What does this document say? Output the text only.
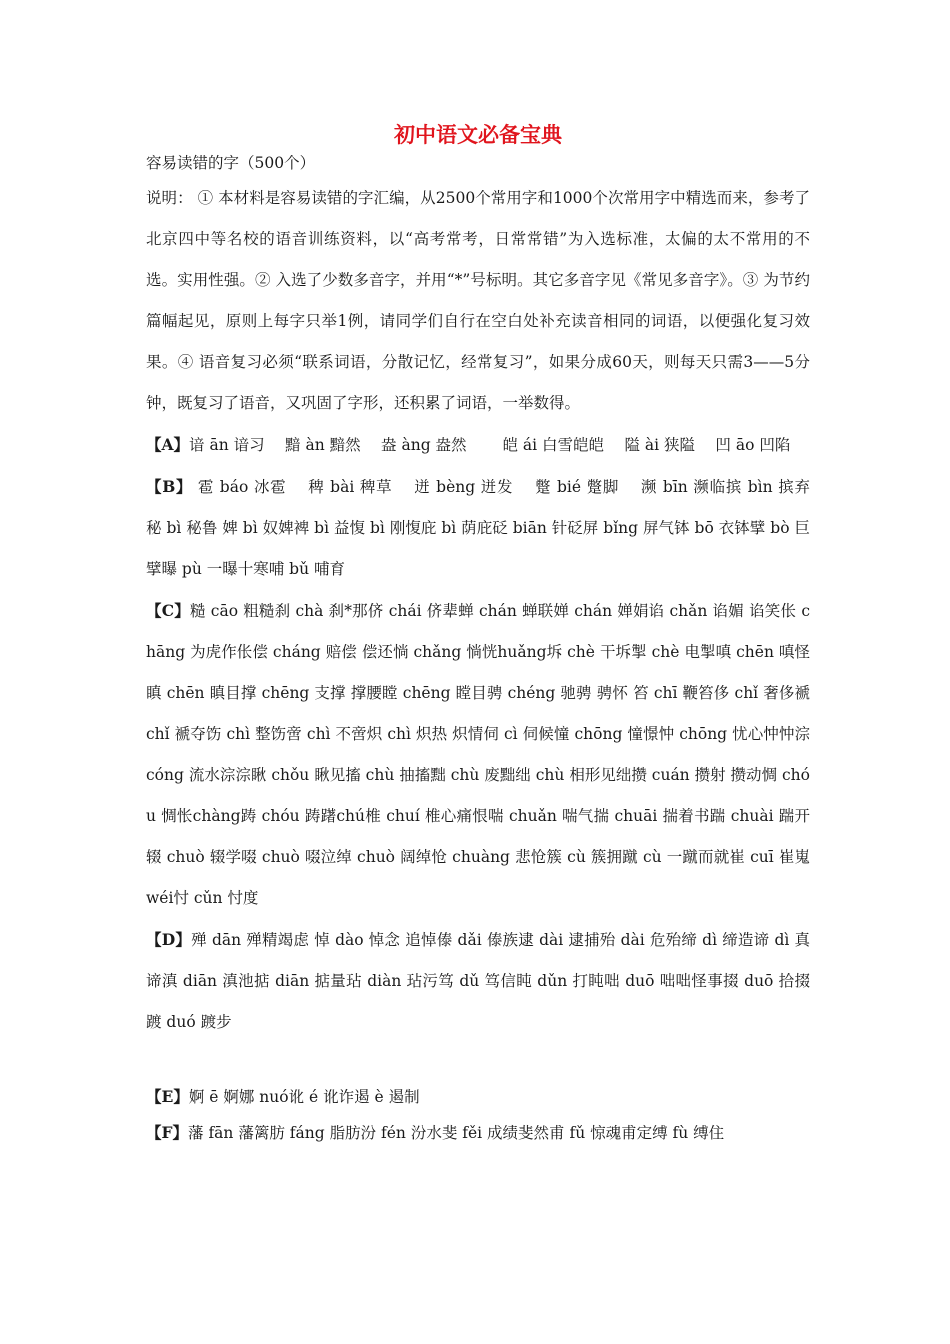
初中语文必备宝典

容易读错的字（500个）

说明： ① 本材料是容易读错的字汇编，从2500个常用字和1000个次常用字中精选而来，参考了北京四中等名校的语音训练资料，以“高考常考，日常常错”为入选标准，太偏的太不常用的不选。实用性强。② 入选了少数多音字，并用“*”号标明。其它多音字见《常见多音字》。③ 为节约篇幅起见，原则上每字只举1例，请同学们自行在空白处补充读音相同的词语，以便强化复习效果。④ 语音复习必须“联系词语，分散记忆，经常复习”，如果分成60天，则每天只需3——5分钟，既复习了语音，又巩固了字形，还积累了词语，一举数得。

【A】谙 ān 谙习　 黯 àn 黯然　 盎 àng 盎然　　 皑 ái 白雪皑皑　 隘 ài 狭隘　 凹 āo 凹陷

【B】 雹 báo 冰雹　 稗 bài 稗草　 迸 bèng 迸发　 蹩 bié 蹩脚　 濒 bīn 濒临摈 bìn 摈弃　 秘 bì 秘鲁 婢 bì 奴婢裨 bì 益愎 bì 刚愎庇 bì 荫庇砭 biān 针砭屏 bǐng 屏气钵 bō 衣钵擘 bò 巨擘曝 pù 一曝十寒哺 bǔ 哺育

【C】糙 cāo 粗糙刹 chà 刹*那侪 chái 侪辈蝉 chán 蝉联婵 chán 婵娟谄 chǎn 谄媚 谄笑伥 chāng 为虎作伥偿 cháng 赔偿 偿还惝 chǎng 惝恍huǎng坼 chè 干坼掣 chè 电掣嗔 chēn 嗔怪瞋 chēn 瞋目撑 chēng 支撑 撑腰瞠 chēng 瞠目骋 chéng 驰骋 骋怀 笞 chī 鞭笞侈 chǐ 奢侈褫 chǐ 褫夺饬 chì 整饬啻 chì 不啻炽 chì 炽热 炽情伺 cì 伺候憧 chōng 憧憬忡 chōng 忧心忡忡淙 cóng 流水淙淙瞅 chǒu 瞅见搐 chù 抽搐黜 chù 废黜绌 chù 相形见绌攒 cuán 攒射 攒动惆 chóu 惆怅chàng踌 chóu 踌躇chú椎 chuí 椎心痛恨喘 chuǎn 喘气揣 chuāi 揣着书踹 chuài 踹开辍 chuò 辍学啜 chuò 啜泣绰 chuò 阔绰怆 chuàng 悲怆簇 cù 簇拥蹴 cù 一蹴而就崔 cuī 崔嵬 wéi忖 cǔn 忖度

【D】殚 dān 殚精竭虑 悼 dào 悼念 追悼傣 dǎi 傣族逮 dài 逮捕殆 dài 危殆缔 dì 缔造谛 dì 真谛滇 diān 滇池掂 diān 掂量玷 diàn 玷污笃 dǔ 笃信盹 dǔn 打盹咄 duō 咄咄怪事掇 duō 拾掇踱 duó 踱步

【E】婀 ē 婀娜 nuó讹 é 讹诈遏 è 遏制

【F】藩 fān 藩篱肪 fáng 脂肪汾 fén 汾水斐 fěi 成绩斐然甫 fǔ 惊魂甫定缚 fù 缚住
